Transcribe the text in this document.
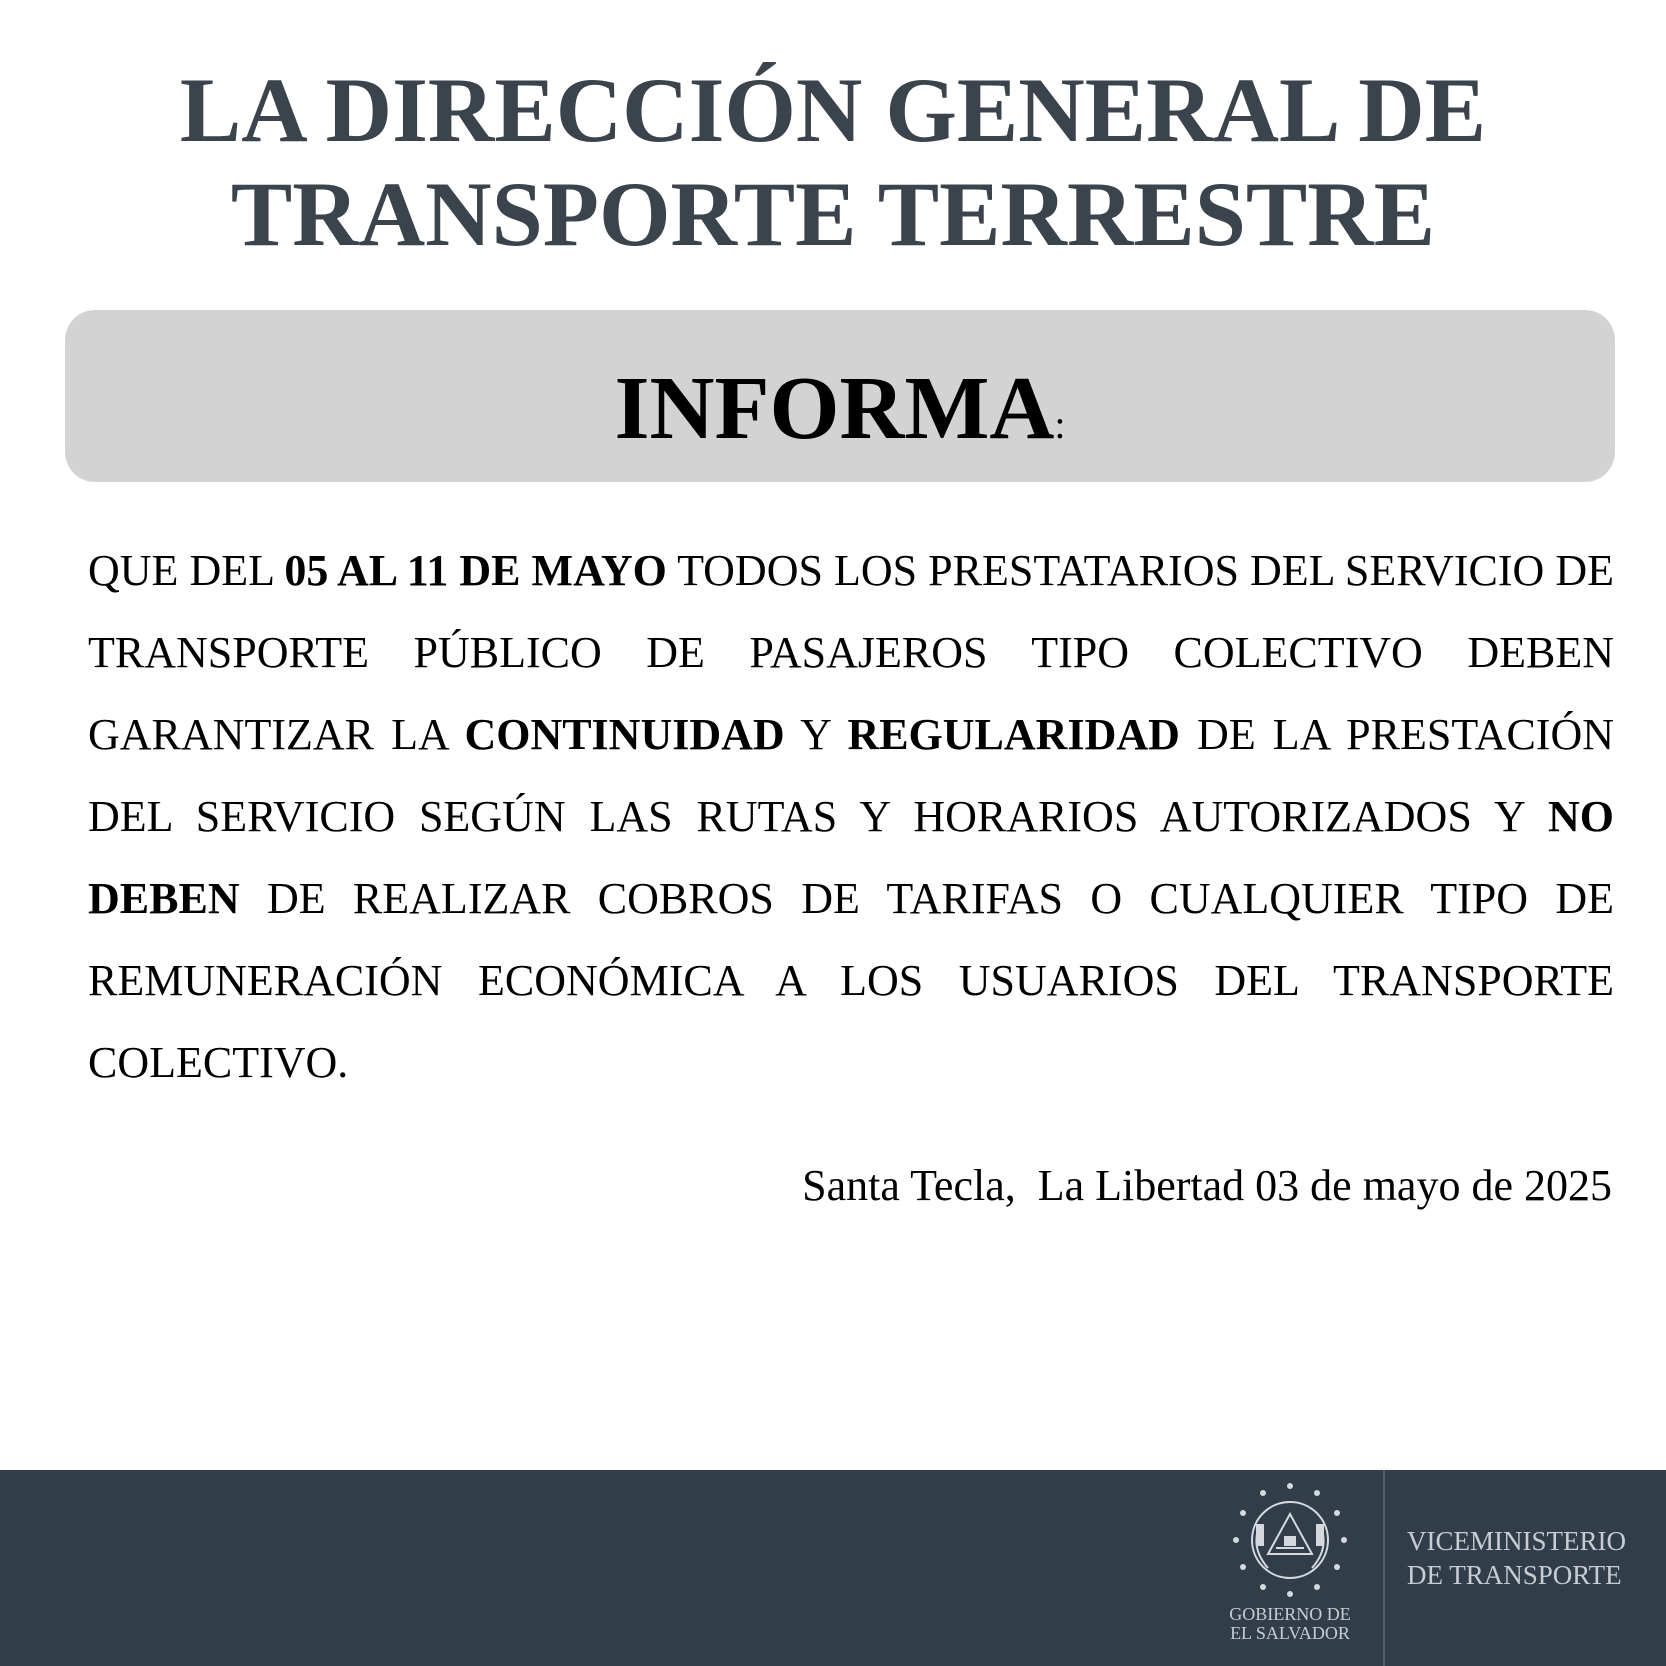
LA DIRECCIÓN GENERAL DE
TRANSPORTE TERRESTRE
INFORMA:

QUE DEL 05 AL 11 DE MAYO TODOS LOS PRESTATARIOS DEL SERVICIO DE TRANSPORTE PÚBLICO DE PASAJEROS TIPO COLECTIVO DEBEN GARANTIZAR LA CONTINUIDAD Y REGULARIDAD DE LA PRESTACIÓN DEL SERVICIO SEGÚN LAS RUTAS Y HORARIOS AUTORIZADOS Y NO DEBEN DE REALIZAR COBROS DE TARIFAS O CUALQUIER TIPO DE REMUNERACIÓN ECONÓMICA A LOS USUARIOS DEL TRANSPORTE COLECTIVO.

Santa Tecla,  La Libertad 03 de mayo de 2025
GOBIERNO DE
EL SALVADOR
VICEMINISTERIO
DE TRANSPORTE
